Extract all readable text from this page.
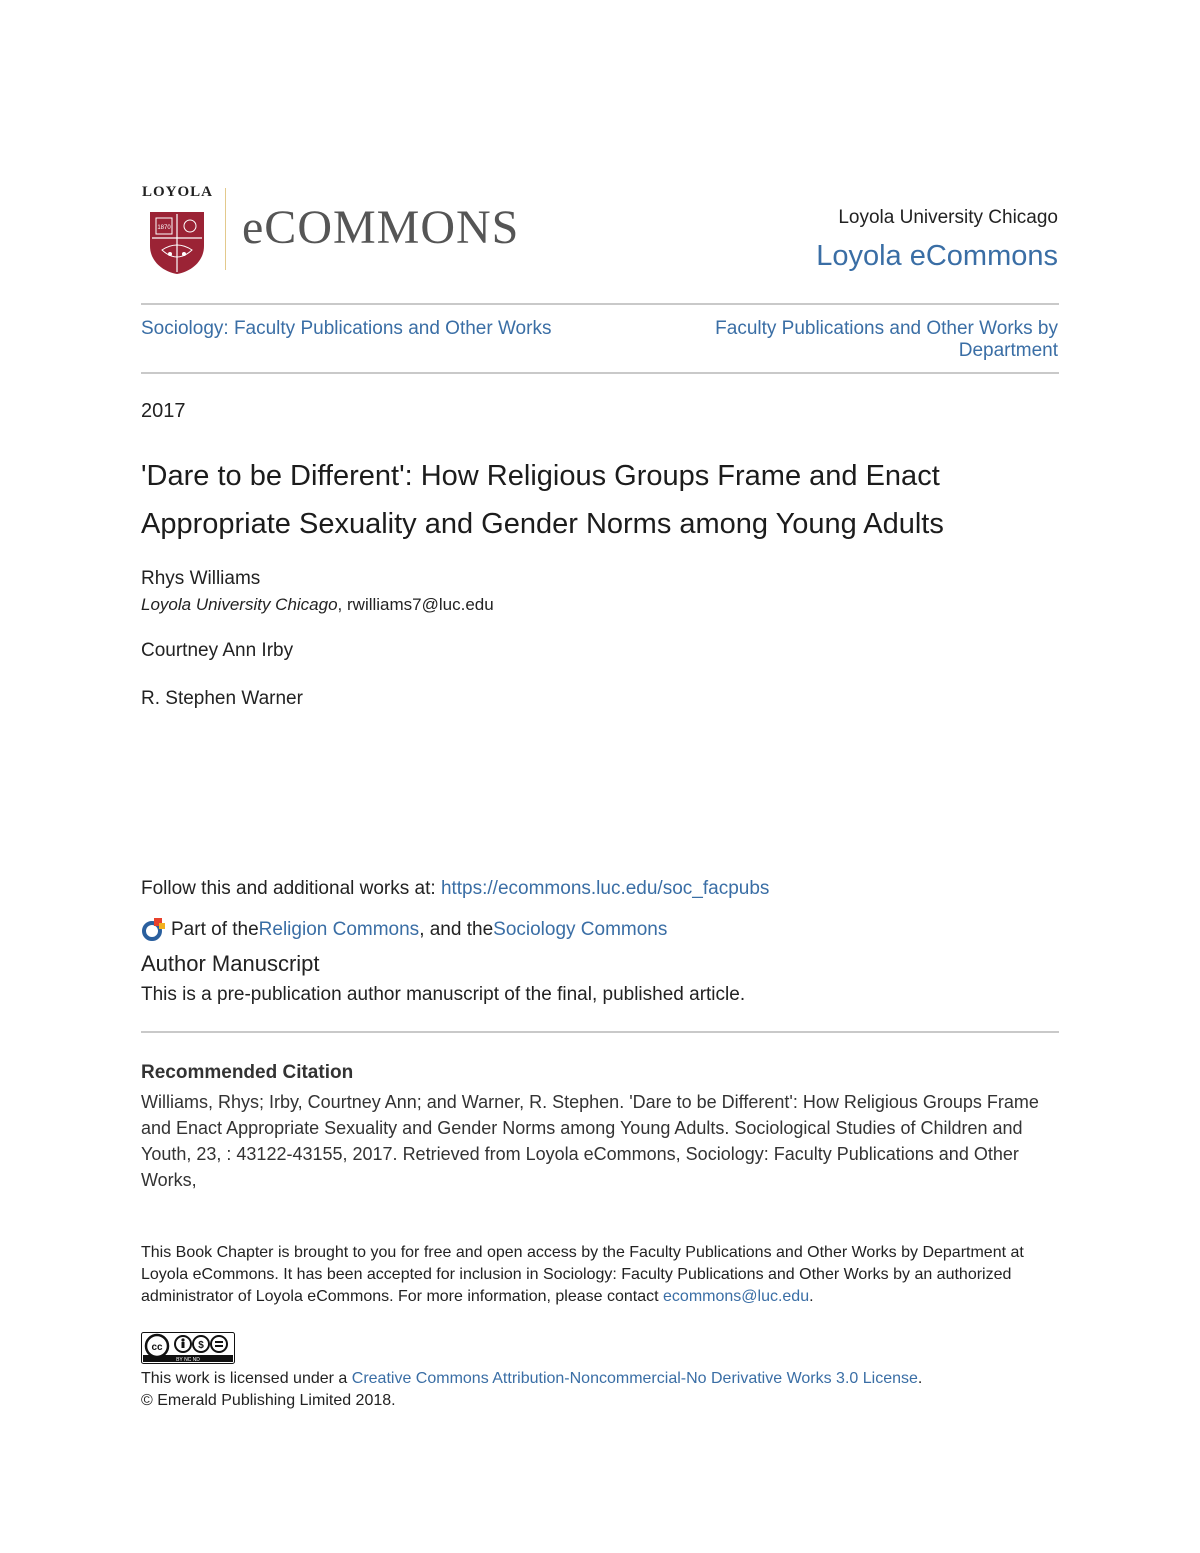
LOYOLA
1870 eCOMMONS	Loyola University Chicago
Loyola eCommons
Sociology: Faculty Publications and Other Works	Faculty Publications and Other Works by Department
2017
'Dare to be Different': How Religious Groups Frame and Enact Appropriate Sexuality and Gender Norms among Young Adults
Rhys Williams
Loyola University Chicago, rwilliams7@luc.edu
Courtney Ann Irby
R. Stephen Warner
Follow this and additional works at: https://ecommons.luc.edu/soc_facpubs
Part of the Religion Commons , and the Sociology Commons
Author Manuscript
This is a pre-publication author manuscript of the final, published article.
Recommended Citation
Williams, Rhys; Irby, Courtney Ann; and Warner, R. Stephen. 'Dare to be Different': How Religious Groups Frame and Enact Appropriate Sexuality and Gender Norms among Young Adults. Sociological Studies of Children and Youth, 23, : 43122-43155, 2017. Retrieved from Loyola eCommons, Sociology: Faculty Publications and Other Works,
This Book Chapter is brought to you for free and open access by the Faculty Publications and Other Works by Department at Loyola eCommons. It has been accepted for inclusion in Sociology: Faculty Publications and Other Works by an authorized administrator of Loyola eCommons. For more information, please contact ecommons@luc.edu.
cc	$
BY NC ND
This work is licensed under a Creative Commons Attribution-Noncommercial-No Derivative Works 3.0 License.
© Emerald Publishing Limited 2018.
